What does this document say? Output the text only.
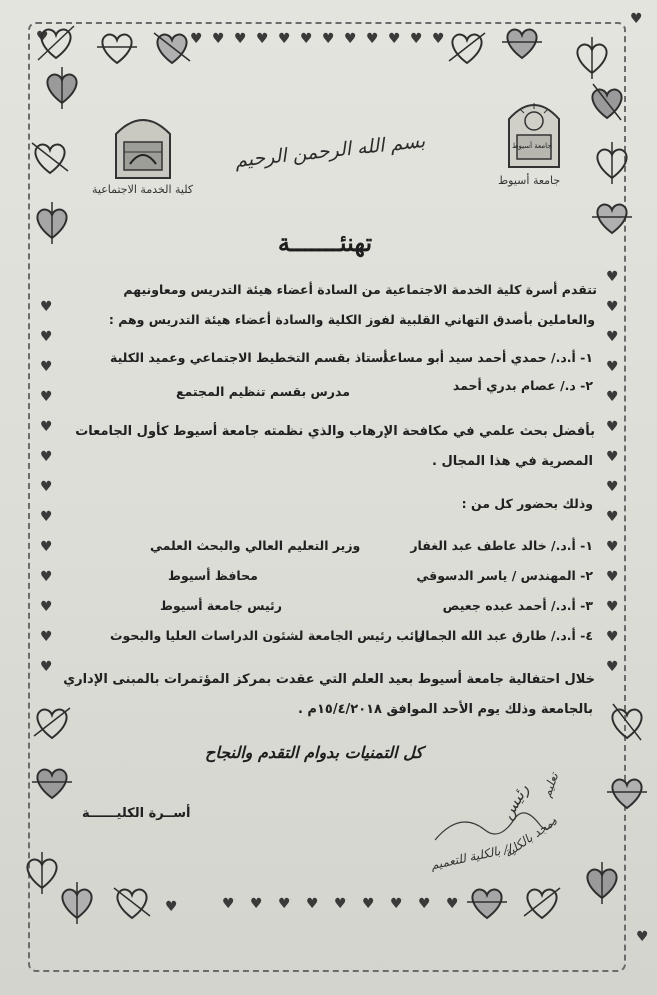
♥	♥ ♥ ♥ ♥ ♥ ♥ ♥ ♥ ♥ ♥ ♥ ♥
♥
♥
♥
♥
♥
♥
♥
♥
♥
♥
♥
♥
♥
♥
♥
♥
♥
♥
♥
♥
♥
♥
♥
♥
♥
♥
♥
♥
♥	♥ ♥ ♥ ♥ ♥ ♥ ♥ ♥ ♥
♥
كلية الخدمة الاجتماعية
جامعة أسيوط
جامعة أسيوط
بسم الله الرحمن الرحيم
تهنئـــــــة
تتقدم أسرة كلية الخدمة الاجتماعية من السادة أعضاء هيئة التدريس ومعاونيهم
والعاملين بأصدق التهاني القلبية لفوز الكلية والسادة أعضاء هيئة التدريس وهم :
١- أ.د./ حمدي أحمد سيد أبو مساعد
أستاذ بقسم التخطيط الاجتماعي وعميد الكلية
٢- د./ عصام بدري أحمد
مدرس بقسم تنظيم المجتمع
بأفضل بحث علمي في مكافحة الإرهاب والذي نظمته جامعة أسيوط كأول الجامعات
المصرية في هذا المجال .
وذلك بحضور كل من :
١- أ.د./ خالد عاطف عبد الغفار
وزير التعليم العالي والبحث العلمي
٢- المهندس / ياسر الدسوقي
محافظ أسيوط
٣- أ.د./ أحمد عبده جعيص
رئيس جامعة أسيوط
٤- أ.د./ طارق عبد الله الجمال
نائب رئيس الجامعة لشئون الدراسات العليا والبحوث
خلال احتفالية جامعة أسيوط بعيد العلم التي عقدت بمركز المؤتمرات بالمبنى الإداري
بالجامعة وذلك يوم الأحد الموافق ١٥/٤/٢٠١٨م .
كل التمنيات بدوام التقدم والنجاح
أســرة الكليــــــة
تعليم
رئيس
دمجد بالكلية
ا/ بالكلية للتعميم
